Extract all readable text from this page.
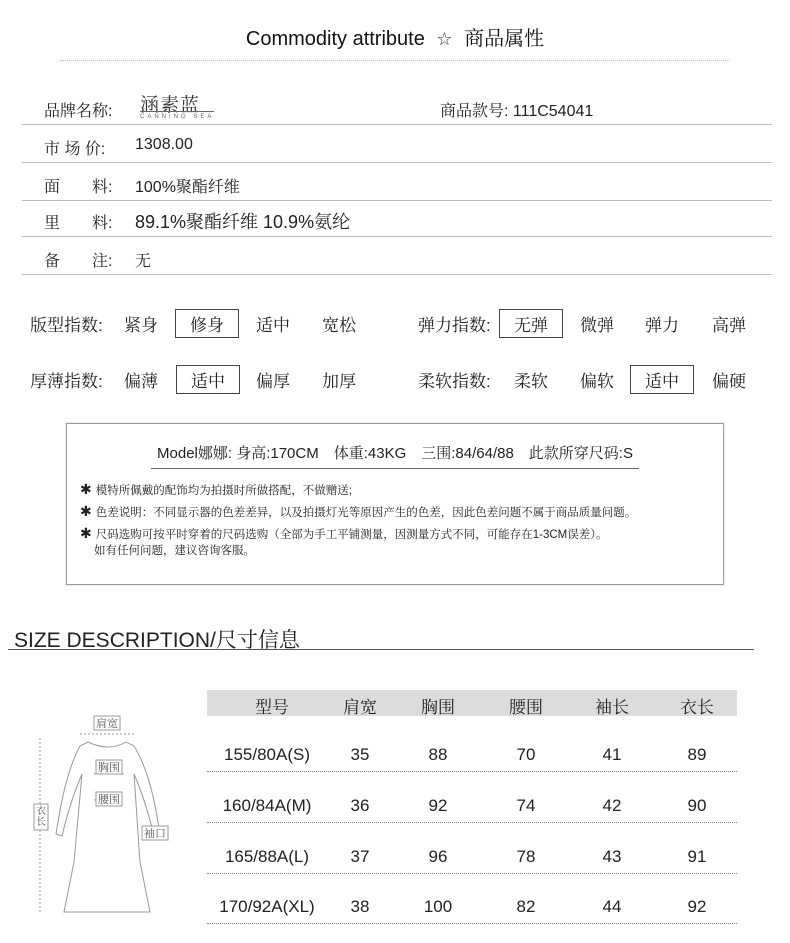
Commodity attribute ☆ 商品属性
品牌名称: 涵素蓝
CANNING SEA	商品款号: 111C54041
市 场 价: 1308.00
面　　料: 100%聚酯纤维
里　　料: 89.1%聚酯纤维 10.9%氨纶
备　　注: 无
版型指数: 紧身	修身	适中 宽松	弹力指数:	无弹	微弹 弹力 高弹
厚薄指数: 偏薄	适中	偏厚 加厚	柔软指数: 柔软 偏软	适中	偏硬
Model娜娜: 身高:170CM　体重:43KG　三围:84/64/88　此款所穿尺码:S
✱ 模特所佩戴的配饰均为拍摄时所做搭配，不做赠送;
✱ 色差说明：不同显示器的色差差异，以及拍摄灯光等原因产生的色差，因此色差问题不属于商品质量问题。
✱ 尺码选购可按平时穿着的尺码选购（全部为手工平铺测量，因测量方式不同，可能存在1-3CM误差）。
如有任何问题，建议咨询客服。
SIZE DESCRIPTION/尺寸信息
肩宽
胸围
腰围
袖口
衣长
型号	肩宽	胸围	腰围	袖长	衣长
155/80A(S)	35	88	70	41	89
160/84A(M)	36	92	74	42	90
165/88A(L)	37	96	78	43	91
170/92A(XL)	38	100	82	44	92
